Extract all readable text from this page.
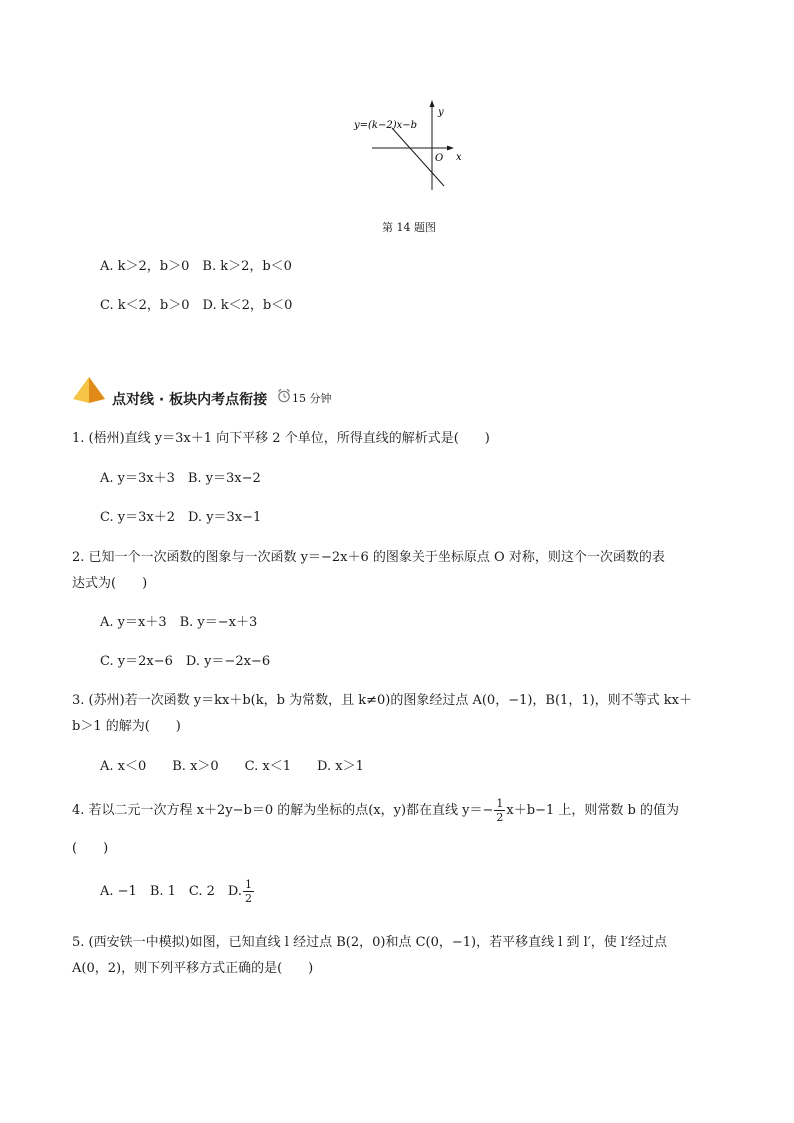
y=(k−2)x−b
y
x
O
第 14 题图
A. k＞2，b＞0　B. k＞2，b＜0
C. k＜2，b＞0　D. k＜2，b＜0
点对线 · 板块内考点衔接 15 分钟
1. (梧州)直线 y＝3x＋1 向下平移 2 个单位，所得直线的解析式是(　　)
A. y＝3x＋3　B. y＝3x−2
C. y＝3x＋2　D. y＝3x−1
2. 已知一个一次函数的图象与一次函数 y＝−2x＋6 的图象关于坐标原点 O 对称，则这个一次函数的表
达式为(　　)
A. y＝x＋3　B. y＝−x＋3
C. y＝2x−6　D. y＝−2x−6
3. (苏州)若一次函数 y＝kx＋b(k，b 为常数，且 k≠0)的图象经过点 A(0，−1)，B(1，1)，则不等式 kx＋
b＞1 的解为(　　)
A. x＜0　　B. x＞0　　C. x＜1　　D. x＞1
4. 若以二元一次方程 x＋2y−b＝0 的解为坐标的点(x，y)都在直线 $y=- \frac{1}{2} x+b-1$ 上，则常数 b 的值为
(　　)
A. −1　B. 1　C. 2　D. $\frac{1}{2}$
5. (西安铁一中模拟)如图，已知直线 l 经过点 B(2，0)和点 C(0，−1)，若平移直线 l 到 l′，使 l′经过点
A(0，2)，则下列平移方式正确的是(　　)
